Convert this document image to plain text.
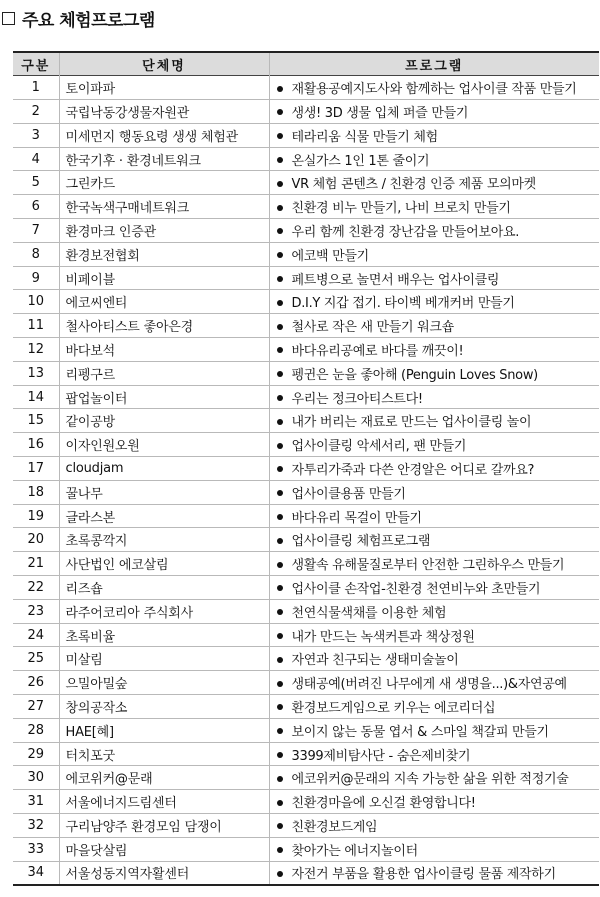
주요 체험프로그램
구분	단체명	프로그램
1	토이파파	재활용공예지도사와 함께하는 업사이클 작품 만들기
2	국립낙동강생물자원관	생생! 3D 생물 입체 퍼즐 만들기
3	미세먼지 행동요령 생생 체험관	테라리움 식물 만들기 체험
4	한국기후 · 환경네트워크	온실가스 1인 1톤 줄이기
5	그린카드	VR 체험 콘텐츠 / 친환경 인증 제품 모의마켓
6	한국녹색구매네트워크	친환경 비누 만들기, 나비 브로치 만들기
7	환경마크 인증관	우리 함께 친환경 장난감을 만들어보아요.
8	환경보전협회	에코백 만들기
9	비페이블	페트병으로 놀면서 배우는 업사이클링
10	에코씨엔티	D.I.Y 지갑 접기. 타이벡 베개커버 만들기
11	철사아티스트 좋아은경	철사로 작은 새 만들기 워크숍
12	바다보석	바다유리공예로 바다를 깨끗이!
13	리펭구르	펭귄은 눈을 좋아해 (Penguin Loves Snow)
14	팝업놀이터	우리는 정크아티스트다!
15	같이공방	내가 버리는 재료로 만드는 업사이클링 놀이
16	이자인원오원	업사이클링 악세서리, 팬 만들기
17	cloudjam	자투리가죽과 다쓴 안경알은 어디로 갈까요?
18	꿀나무	업사이클용품 만들기
19	글라스본	바다유리 목걸이 만들기
20	초록콩깍지	업사이클링 체험프로그램
21	사단법인 에코살림	생활속 유해물질로부터 안전한 그린하우스 만들기
22	리즈숍	업사이클 손작업-친환경 천연비누와 초만들기
23	라주어코리아 주식회사	천연식물색채를 이용한 체험
24	초록비율	내가 만드는 녹색커튼과 책상정원
25	미살림	자연과 친구되는 생태미술놀이
26	으밀아밀숲	생태공예(버려진 나무에게 새 생명을...)&자연공예
27	창의공작소	환경보드게임으로 키우는 에코리더십
28	HAE[혜]	보이지 않는 동물 엽서 & 스마일 책갈피 만들기
29	터치포굿	3399제비탐사단 - 숨은제비찾기
30	에코위커@문래	에코위커@문래의 지속 가능한 삶을 위한 적정기술
31	서울에너지드림센터	친환경마을에 오신걸 환영합니다!
32	구리남양주 환경모임 담쟁이	친환경보드게임
33	마을닷살림	찾아가는 에너지놀이터
34	서울성동지역자활센터	자전거 부품을 활용한 업사이클링 물품 제작하기
